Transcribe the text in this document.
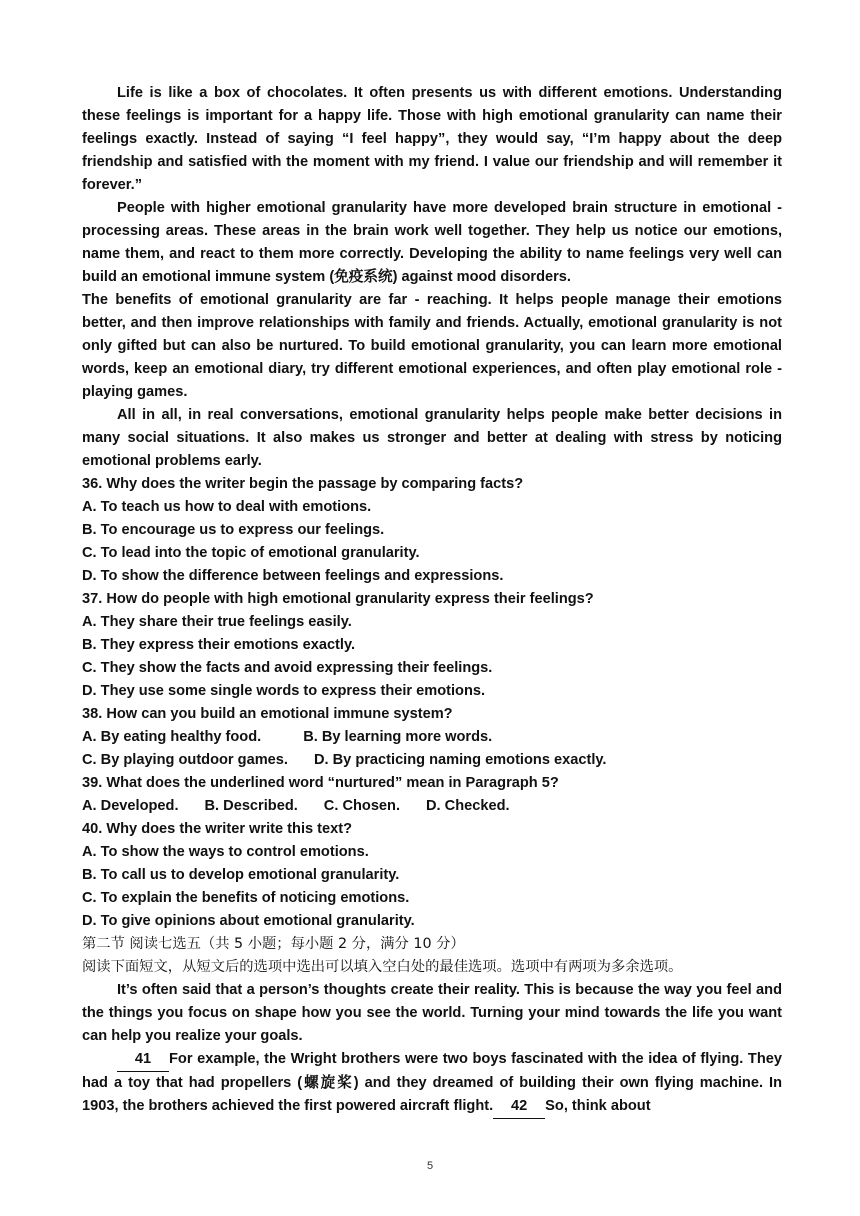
Life is like a box of chocolates. It often presents us with different emotions. Understanding these feelings is important for a happy life. Those with high emotional granularity can name their feelings exactly. Instead of saying “I feel happy”, they would say, “I’m happy about the deep friendship and satisfied with the moment with my friend. I value our friendship and will remember it forever.”

People with higher emotional granularity have more developed brain structure in emotional - processing areas. These areas in the brain work well together. They help us notice our emotions, name them, and react to them more correctly. Developing the ability to name feelings very well can build an emotional immune system (免疫系统) against mood disorders.

The benefits of emotional granularity are far - reaching. It helps people manage their emotions better, and then improve relationships with family and friends. Actually, emotional granularity is not only gifted but can also be nurtured. To build emotional granularity, you can learn more emotional words, keep an emotional diary, try different emotional experiences, and often play emotional role - playing games.

All in all, in real conversations, emotional granularity helps people make better decisions in many social situations. It also makes us stronger and better at dealing with stress by noticing emotional problems early.

36. Why does the writer begin the passage by comparing facts?

A. To teach us how to deal with emotions.

B. To encourage us to express our feelings.

C. To lead into the topic of emotional granularity.

D. To show the difference between feelings and expressions.

37. How do people with high emotional granularity express their feelings?

A. They share their true feelings easily.

B. They express their emotions exactly.

C. They show the facts and avoid expressing their feelings.

D. They use some single words to express their emotions.

38. How can you build an emotional immune system?

A. By eating healthy food.	B. By learning more words.
C. By playing outdoor games. D. By practicing naming emotions exactly.

39. What does the underlined word “nurtured” mean in Paragraph 5?

A. Developed. B. Described. C. Chosen. D. Checked.

40. Why does the writer write this text?

A. To show the ways to control emotions.

B. To call us to develop emotional granularity.

C. To explain the benefits of noticing emotions.

D. To give opinions about emotional granularity.

第二节 阅读七选五（共 5 小题；每小题 2 分，满分 10 分）

阅读下面短文，从短文后的选项中选出可以填入空白处的最佳选项。选项中有两项为多余选项。

It’s often said that a person’s thoughts create their reality. This is because the way you feel and the things you focus on shape how you see the world. Turning your mind towards the life you want can help you realize your goals.

41 For example, the Wright brothers were two boys fascinated with the idea of flying. They had a toy that had propellers (螺旋桨) and they dreamed of building their own flying machine. In 1903, the brothers achieved the first powered aircraft flight. 42 So, think about

5
